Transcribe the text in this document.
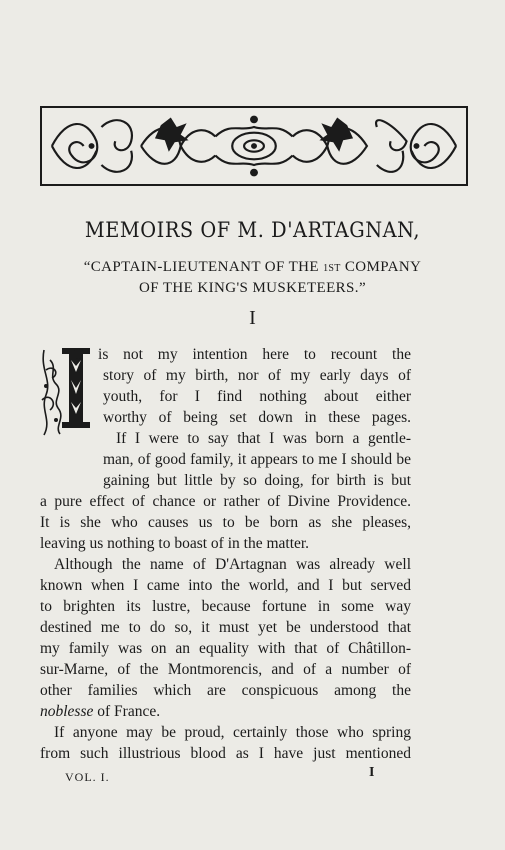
MEMOIRS OF M. D'ARTAGNAN,
“CAPTAIN-LIEUTENANT OF THE 1ST COMPANY
OF THE KING'S MUSKETEERS.”
I
T is not my intention here to recount the
story of my birth, nor of my early days of
youth, for I find nothing about either
worthy of being set down in these pages.
If I were to say that I was born a gentle-
man, of good family, it appears to me I should be
gaining but little by so doing, for birth is but
a pure effect of chance or rather of Divine Providence.
It is she who causes us to be born as she pleases,
leaving us nothing to boast of in the matter.
Although the name of D'Artagnan was already well
known when I came into the world, and I but served
to brighten its lustre, because fortune in some way
destined me to do so, it must yet be understood that
my family was on an equality with that of Châtillon-
sur-Marne, of the Montmorencis, and of a number of
other families which are conspicuous among the
noblesse of France.
If anyone may be proud, certainly those who spring
from such illustrious blood as I have just mentioned
VOL. I.	I
